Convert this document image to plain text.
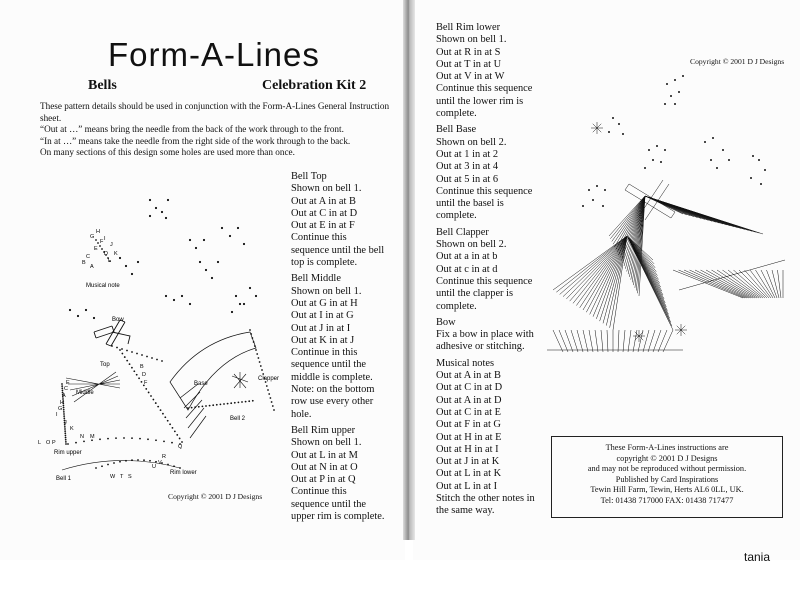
Form-A-Lines
Bells	Celebration Kit 2

These pattern details should be used in conjunction with the Form-A-Lines General Instruction sheet.

“Out at …” means bring the needle from the back of the work through to the front.

“In at …” means take the needle from the right side of the work through to the back.

On many sections of this design some holes are used more than once.

Bell Top
Shown on bell 1.
Out at A in at B
Out at C in at D
Out at E in at F
Continue this
sequence until the bell
top is complete.
Bell Middle
Shown on bell 1.
Out at G in at H
Out at I in at G
Out at J in at I
Out at K in at J
Continue in this
sequence until the
middle is complete.
Note: on the bottom
row use every other
hole.
Bell Rim upper
Shown on bell 1.
Out at L in at M
Out at N in at O
Out at P in at Q
Continue this
sequence until the
upper rim is complete.
Bell Rim lower
Shown on bell 1.
Out at R in at S
Out at T in at U
Out at V in at W
Continue this sequence
until the lower rim is
complete.
Bell Base
Shown on bell 2.
Out at 1 in at 2
Out at 3 in at 4
Out at 5 in at 6
Continue this sequence
until the basel is
complete.
Bell Clapper
Shown on bell 2.
Out at a in at b
Out at c in at d
Continue this sequence
until the clapper is
complete.
Bow
Fix a bow in place with
adhesive or stitching.
Musical notes
Out at A in at B
Out at C in at D
Out at A in at D
Out at C in at E
Out at F in at G
Out at H in at E
Out at H in at I
Out at J in at K
Out at L in at K
Out at L in at I
Stitch the other notes in
the same way.
Copyright © 2001 D J Designs
Copyright © 2001 D J Designs
Musical note
Bow
Top
Middle
Base
Clapper
Bell 2
Rim upper
Rim lower
Bell 1
H
G
F
E
D
C
B
A
L
K
J
I
E
C
A
B
D
F
H
G
I
J
K
L O P
N M
Q
W T S
U
V
R
These Form-A-Lines instructions are
copyright © 2001 D J Designs
and may not be reproduced without permission.
Published by Card Inspirations
Tewin Hill Farm, Tewin, Herts AL6 0LL, UK.
Tel: 01438 717000 FAX: 01438 717477
tania
